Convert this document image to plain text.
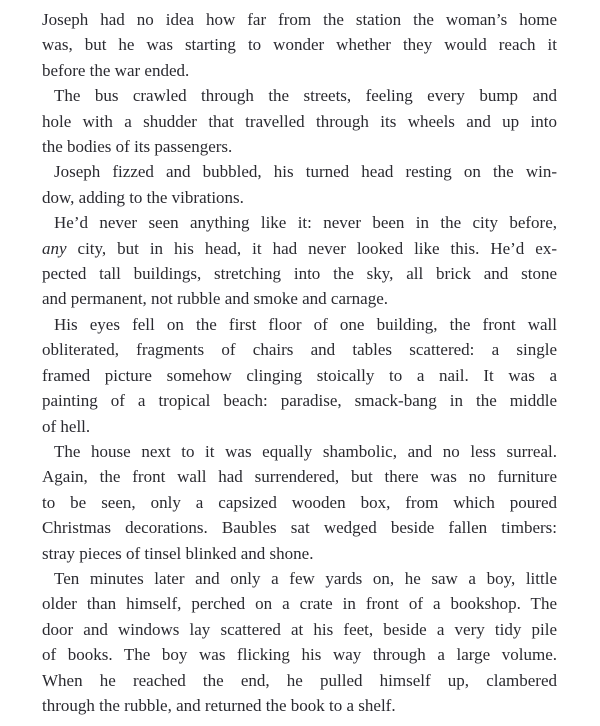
Joseph had no idea how far from the station the woman’s home
was, but he was starting to wonder whether they would reach it
before the war ended.

The bus crawled through the streets, feeling every bump and
hole with a shudder that travelled through its wheels and up into
the bodies of its passengers.

Joseph fizzed and bubbled, his turned head resting on the win-
dow, adding to the vibrations.

He’d never seen anything like it: never been in the city before,
any city, but in his head, it had never looked like this. He’d ex-
pected tall buildings, stretching into the sky, all brick and stone
and permanent, not rubble and smoke and carnage.

His eyes fell on the first floor of one building, the front wall
obliterated, fragments of chairs and tables scattered: a single
framed picture somehow clinging stoically to a nail. It was a
painting of a tropical beach: paradise, smack-bang in the middle
of hell.

The house next to it was equally shambolic, and no less surreal.
Again, the front wall had surrendered, but there was no furniture
to be seen, only a capsized wooden box, from which poured
Christmas decorations. Baubles sat wedged beside fallen timbers:
stray pieces of tinsel blinked and shone.

Ten minutes later and only a few yards on, he saw a boy, little
older than himself, perched on a crate in front of a bookshop. The
door and windows lay scattered at his feet, beside a very tidy pile
of books. The boy was flicking his way through a large volume.
When he reached the end, he pulled himself up, clambered
through the rubble, and returned the book to a shelf.
